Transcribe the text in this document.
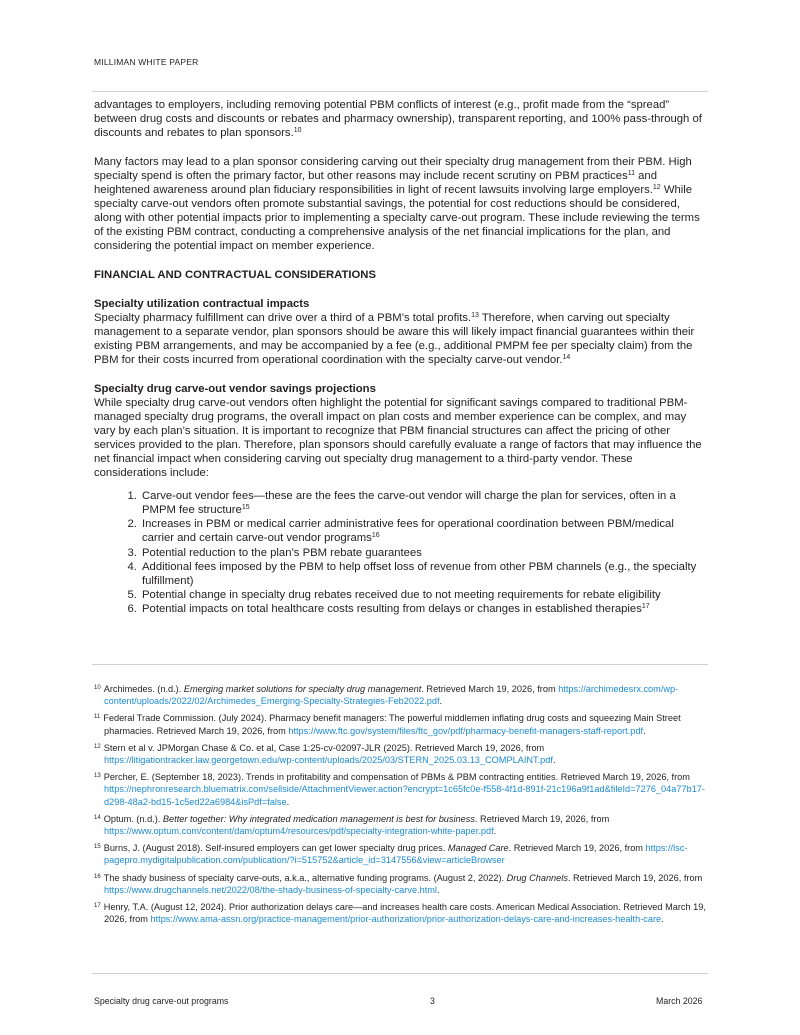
MILLIMAN WHITE PAPER

advantages to employers, including removing potential PBM conflicts of interest (e.g., profit made from the “spread” between drug costs and discounts or rebates and pharmacy ownership), transparent reporting, and 100% pass-through of discounts and rebates to plan sponsors.$^{10}$

Many factors may lead to a plan sponsor considering carving out their specialty drug management from their PBM. High specialty spend is often the primary factor, but other reasons may include recent scrutiny on PBM practices$^{11}$ and heightened awareness around plan fiduciary responsibilities in light of recent lawsuits involving large employers.$^{12}$ While specialty carve-out vendors often promote substantial savings, the potential for cost reductions should be considered, along with other potential impacts prior to implementing a specialty carve-out program. These include reviewing the terms of the existing PBM contract, conducting a comprehensive analysis of the net financial implications for the plan, and considering the potential impact on member experience.

FINANCIAL AND CONTRACTUAL CONSIDERATIONS
Specialty utilization contractual impacts

Specialty pharmacy fulfillment can drive over a third of a PBM’s total profits.$^{13}$ Therefore, when carving out specialty management to a separate vendor, plan sponsors should be aware this will likely impact financial guarantees within their existing PBM arrangements, and may be accompanied by a fee (e.g., additional PMPM fee per specialty claim) from the PBM for their costs incurred from operational coordination with the specialty carve-out vendor.$^{14}$

Specialty drug carve-out vendor savings projections
While specialty drug carve-out vendors often highlight the potential for significant savings compared to traditional PBM-managed specialty drug programs, the overall impact on plan costs and member experience can be complex, and may vary by each plan’s situation. It is important to recognize that PBM financial structures can affect the pricing of other services provided to the plan. Therefore, plan sponsors should carefully evaluate a range of factors that may influence the net financial impact when considering carving out specialty drug management to a third-party vendor. These considerations include:
1. Carve-out vendor fees—these are the fees the carve-out vendor will charge the plan for services, often in a PMPM fee structure$^{15}$
2. Increases in PBM or medical carrier administrative fees for operational coordination between PBM/medical carrier and certain carve-out vendor programs$^{16}$
3. Potential reduction to the plan’s PBM rebate guarantees
4. Additional fees imposed by the PBM to help offset loss of revenue from other PBM channels (e.g., the specialty fulfillment)
5. Potential change in specialty drug rebates received due to not meeting requirements for rebate eligibility
6. Potential impacts on total healthcare costs resulting from delays or changes in established therapies$^{17}$
$^{10}$ Archimedes. (n.d.). Emerging market solutions for specialty drug management. Retrieved March 19, 2026, from https://archimedesrx.com/wp-content/uploads/2022/02/Archimedes_Emerging-Specialty-Strategies-Feb2022.pdf.
$^{11}$ Federal Trade Commission. (July 2024). Pharmacy benefit managers: The powerful middlemen inflating drug costs and squeezing Main Street pharmacies. Retrieved March 19, 2026, from https://www.ftc.gov/system/files/ftc_gov/pdf/pharmacy-benefit-managers-staff-report.pdf.
$^{12}$ Stern et al v. JPMorgan Chase & Co. et al, Case 1:25-cv-02097-JLR (2025). Retrieved March 19, 2026, from https://litigationtracker.law.georgetown.edu/wp-content/uploads/2025/03/STERN_2025.03.13_COMPLAINT.pdf.
$^{13}$ Percher, E. (September 18, 2023). Trends in profitability and compensation of PBMs & PBM contracting entities. Retrieved March 19, 2026, from https://nephronresearch.bluematrix.com/sellside/AttachmentViewer.action?encrypt=1c65fc0e-f558-4f1d-891f-21c196a9f1ad&fileId=7276_04a77b17-d298-48a2-bd15-1c5ed22a6984&isPdf=false.
$^{14}$ Optum. (n.d.). Better together: Why integrated medication management is best for business. Retrieved March 19, 2026, from https://www.optum.com/content/dam/optum4/resources/pdf/specialty-integration-white-paper.pdf.
$^{15}$ Burns, J. (August 2018). Self-insured employers can get lower specialty drug prices. Managed Care. Retrieved March 19, 2026, from https://lsc-pagepro.mydigitalpublication.com/publication/?i=515752&article_id=3147556&view=articleBrowser
$^{16}$ The shady business of specialty carve-outs, a.k.a., alternative funding programs. (August 2, 2022). Drug Channels. Retrieved March 19, 2026, from https://www.drugchannels.net/2022/08/the-shady-business-of-specialty-carve.html.
$^{17}$ Henry, T.A. (August 12, 2024). Prior authorization delays care—and increases health care costs. American Medical Association. Retrieved March 19, 2026, from https://www.ama-assn.org/practice-management/prior-authorization/prior-authorization-delays-care-and-increases-health-care.
Specialty drug carve-out programs	3	March 2026
